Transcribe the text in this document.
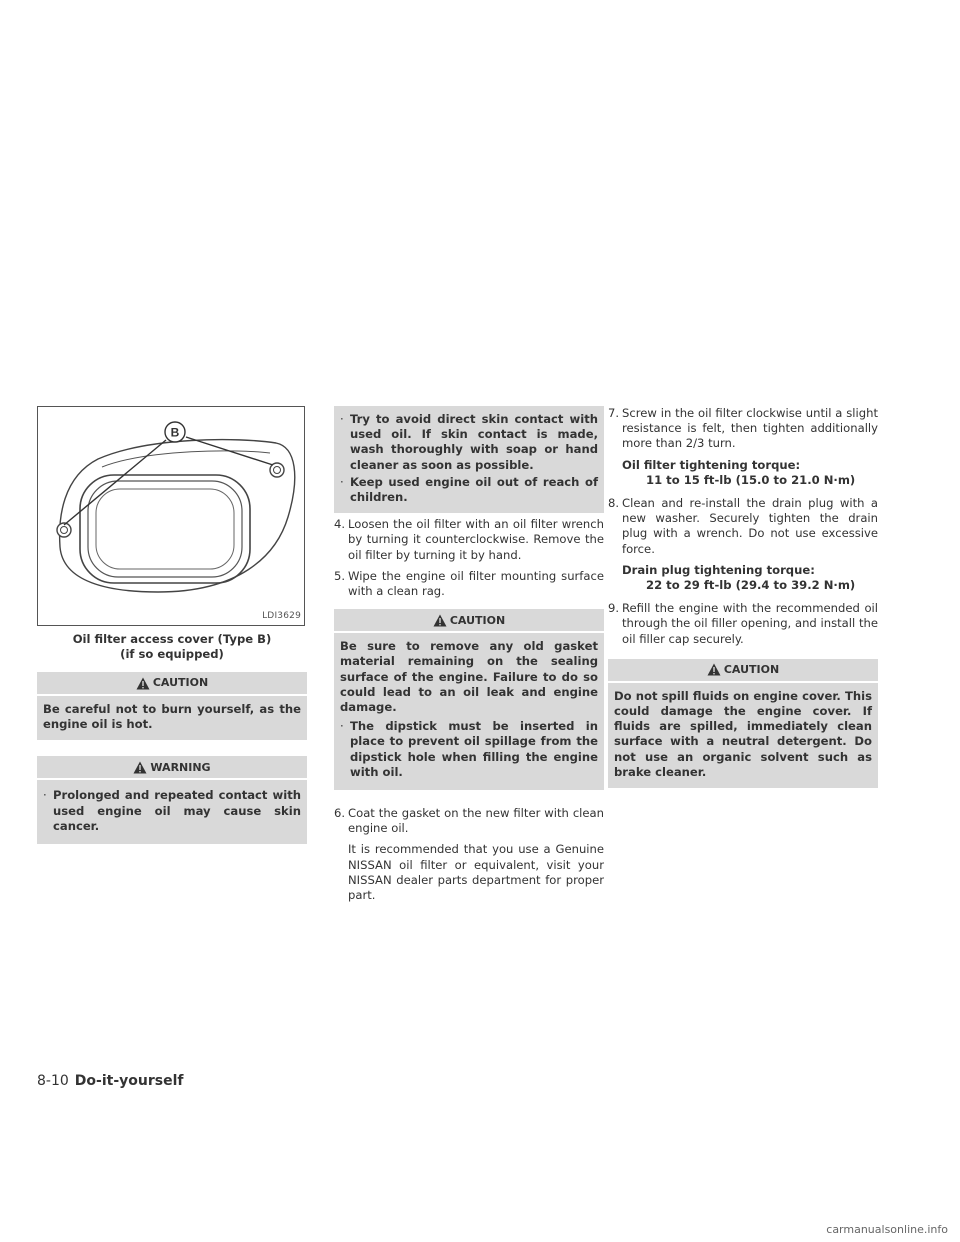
B
LDI3629
Oil filter access cover (Type B)
(if so equipped)
CAUTION

Be careful not to burn yourself, as the engine oil is hot.

WARNING
· Prolonged and repeated contact with used engine oil may cause skin cancer.
· Try to avoid direct skin contact with used oil. If skin contact is made, wash thoroughly with soap or hand cleaner as soon as possible.
· Keep used engine oil out of reach of children.
4. Loosen the oil filter with an oil filter wrench by turning it counterclockwise. Remove the oil filter by turning it by hand.
5. Wipe the engine oil filter mounting surface with a clean rag.
CAUTION

Be sure to remove any old gasket material remaining on the sealing surface of the engine. Failure to do so could lead to an oil leak and engine damage.

· The dipstick must be inserted in place to prevent oil spillage from the dipstick hole when filling the engine with oil.
6. Coat the gasket on the new filter with clean engine oil.

It is recommended that you use a Genuine NISSAN oil filter or equivalent, visit your NISSAN dealer parts department for proper part.

7. Screw in the oil filter clockwise until a slight resistance is felt, then tighten additionally more than 2/3 turn.
Oil filter tightening torque:
11 to 15 ft-lb (15.0 to 21.0 N·m)
8. Clean and re-install the drain plug with a new washer. Securely tighten the drain plug with a wrench. Do not use excessive force.
Drain plug tightening torque:
22 to 29 ft-lb (29.4 to 39.2 N·m)
9. Refill the engine with the recommended oil through the oil filler opening, and install the oil filler cap securely.
CAUTION

Do not spill fluids on engine cover. This could damage the engine cover. If fluids are spilled, immediately clean surface with a neutral detergent. Do not use an organic solvent such as brake cleaner.

8-10 Do-it-yourself
carmanualsonline.info
